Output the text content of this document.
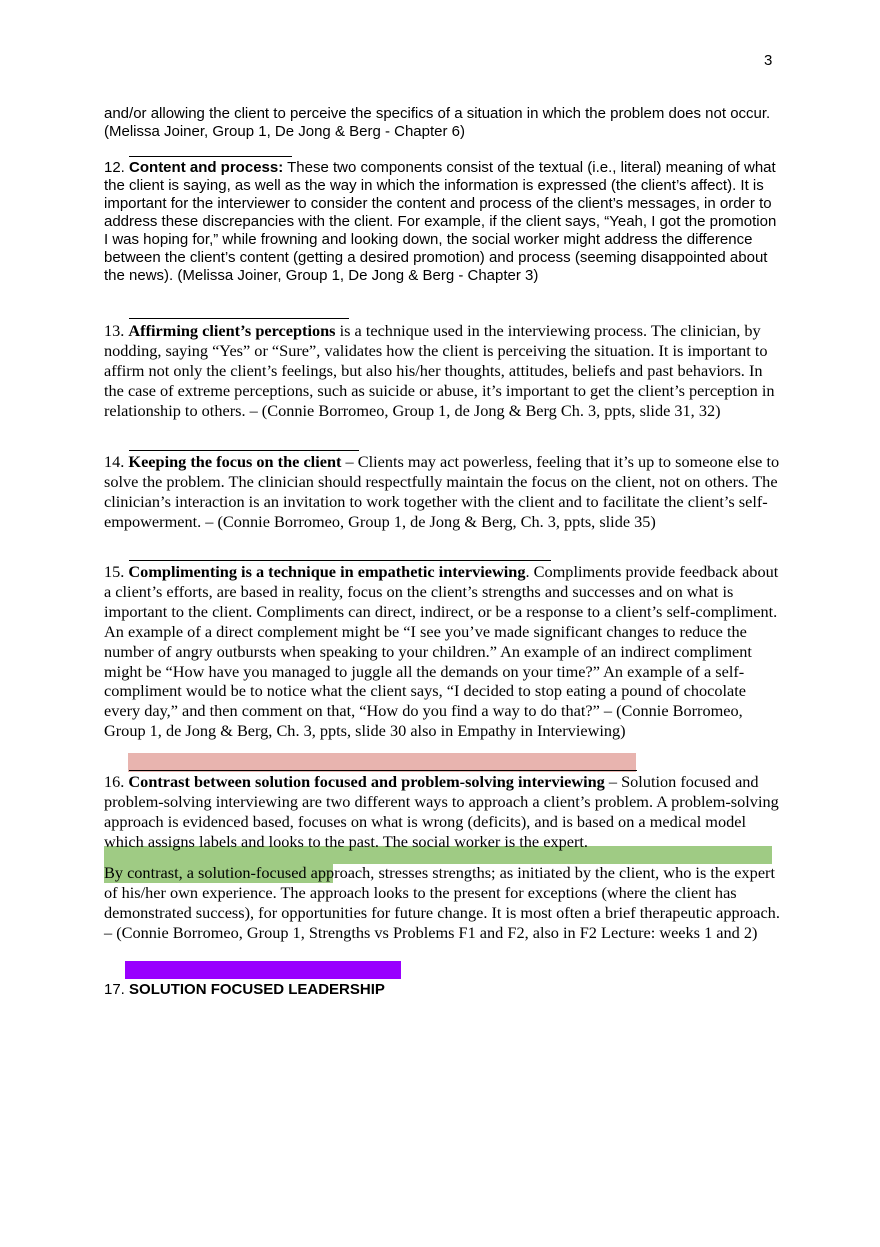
3

and/or allowing the client to perceive the specifics of a situation in which the problem does not occur. (Melissa Joiner, Group 1, De Jong & Berg - Chapter 6)

12. Content and process: These two components consist of the textual (i.e., literal) meaning of what the client is saying, as well as the way in which the information is expressed (the client’s affect). It is important for the interviewer to consider the content and process of the client’s messages, in order to address these discrepancies with the client. For example, if the client says, “Yeah, I got the promotion I was hoping for,” while frowning and looking down, the social worker might address the difference between the client’s content (getting a desired promotion) and process (seeming disappointed about the news). (Melissa Joiner, Group 1, De Jong & Berg - Chapter 3)

13. Affirming client’s perceptions is a technique used in the interviewing process. The clinician, by nodding, saying “Yes” or “Sure”, validates how the client is perceiving the situation. It is important to affirm not only the client’s feelings, but also his/her thoughts, attitudes, beliefs and past behaviors. In the case of extreme perceptions, such as suicide or abuse, it’s important to get the client’s perception in relationship to others. – (Connie Borromeo, Group 1, de Jong & Berg Ch. 3, ppts, slide 31, 32)

14. Keeping the focus on the client – Clients may act powerless, feeling that it’s up to someone else to solve the problem. The clinician should respectfully maintain the focus on the client, not on others. The clinician’s interaction is an invitation to work together with the client and to facilitate the client’s self-empowerment. – (Connie Borromeo, Group 1, de Jong & Berg, Ch. 3, ppts, slide 35)

15. Complimenting is a technique in empathetic interviewing. Compliments provide feedback about a client’s efforts, are based in reality, focus on the client’s strengths and successes and on what is important to the client. Compliments can direct, indirect, or be a response to a client’s self-compliment. An example of a direct complement might be “I see you’ve made significant changes to reduce the number of angry outbursts when speaking to your children.” An example of an indirect compliment might be “How have you managed to juggle all the demands on your time?” An example of a self-compliment would be to notice what the client says, “I decided to stop eating a pound of chocolate every day,” and then comment on that, “How do you find a way to do that?” – (Connie Borromeo, Group 1, de Jong & Berg, Ch. 3, ppts, slide 30 also in Empathy in Interviewing)

16. Contrast between solution focused and problem-solving interviewing – Solution focused and problem-solving interviewing are two different ways to approach a client’s problem. A problem-solving approach is evidenced based, focuses on what is wrong (deficits), and is based on a medical model which assigns labels and looks to the past. The social worker is the expert.

By contrast, a solution-focused approach, stresses strengths; as initiated by the client, who is the expert of his/her own experience. The approach looks to the present for exceptions (where the client has demonstrated success), for opportunities for future change. It is most often a brief therapeutic approach. – (Connie Borromeo, Group 1, Strengths vs Problems F1 and F2, also in F2 Lecture: weeks 1 and 2)

17. SOLUTION FOCUSED LEADERSHIP
